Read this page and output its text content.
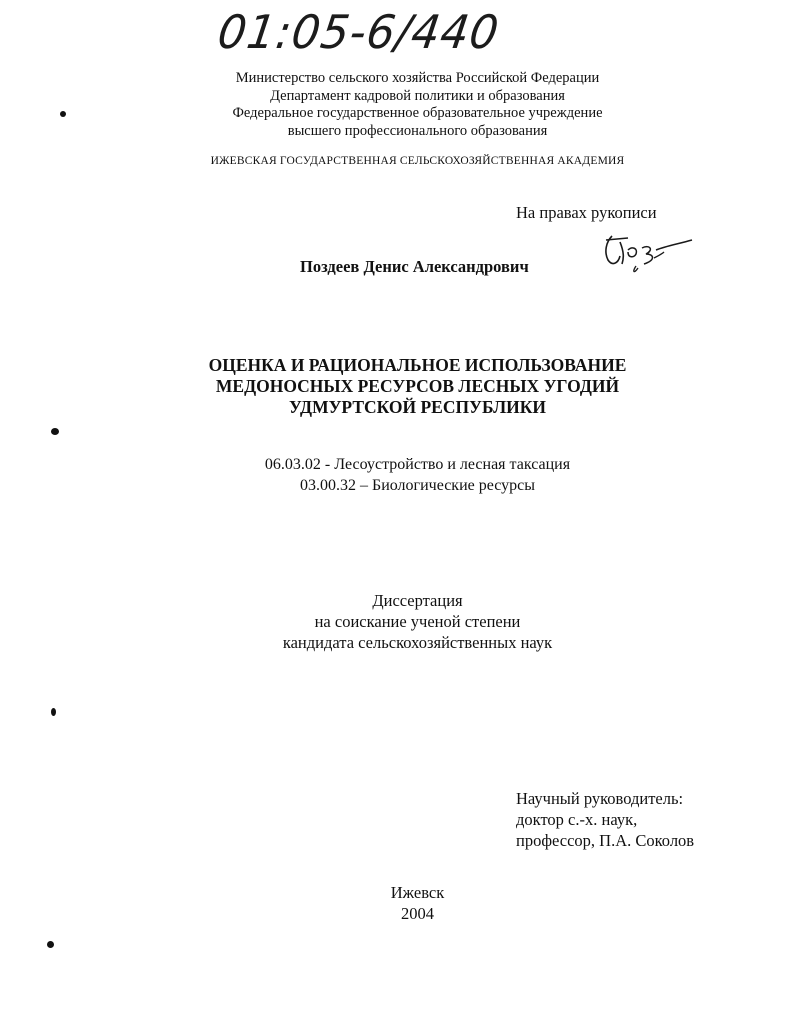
01:05-6/440
Министерство сельского хозяйства Российской Федерации
Департамент кадровой политики и образования
Федеральное государственное образовательное учреждение
высшего профессионального образования
ИЖЕВСКАЯ ГОСУДАРСТВЕННАЯ СЕЛЬСКОХОЗЯЙСТВЕННАЯ АКАДЕМИЯ
На правах рукописи
Поздеев Денис Александрович
ОЦЕНКА И РАЦИОНАЛЬНОЕ ИСПОЛЬЗОВАНИЕ
МЕДОНОСНЫХ РЕСУРСОВ ЛЕСНЫХ УГОДИЙ
УДМУРТСКОЙ РЕСПУБЛИКИ
06.03.02 - Лесоустройство и лесная таксация
03.00.32 – Биологические ресурсы
Диссертация
на соискание ученой степени
кандидата сельскохозяйственных наук
Научный руководитель:
доктор с.-х. наук,
профессор, П.А. Соколов
Ижевск
2004
